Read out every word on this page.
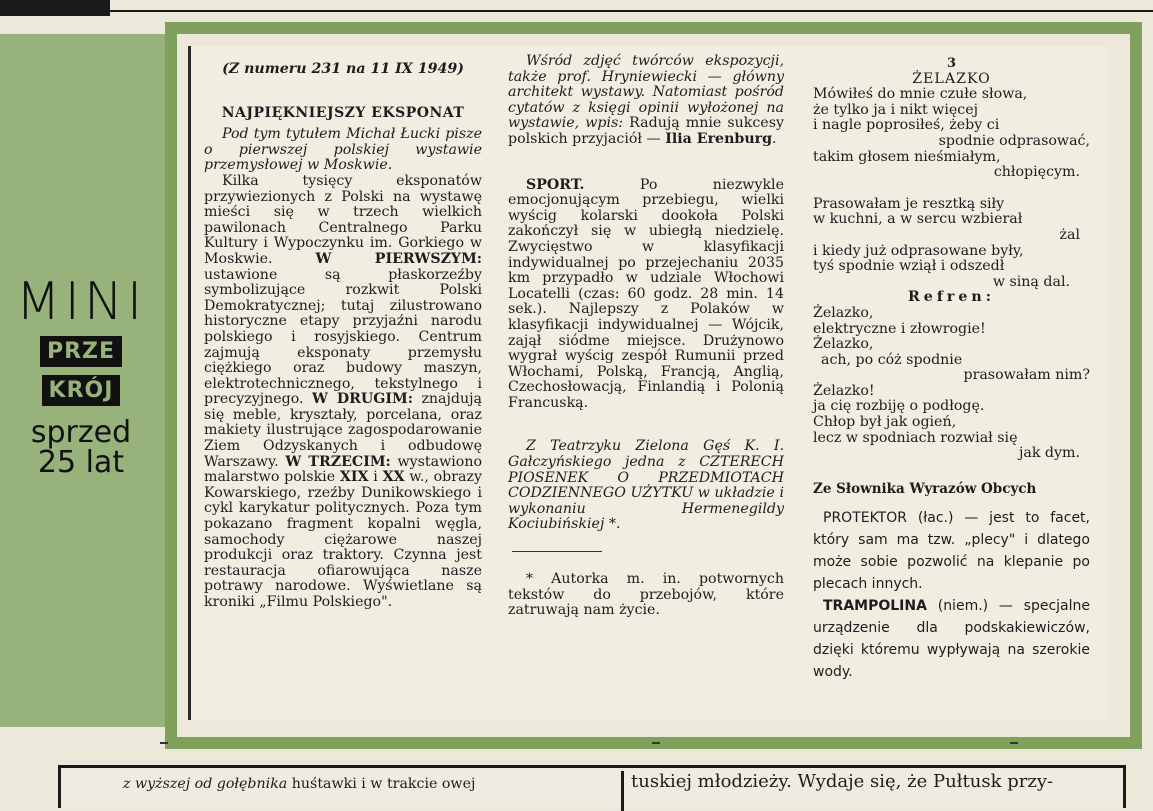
MINI
PRZE
KRÓJ
sprzed
25 lat

(Z numeru 231 na 11 IX 1949)

NAJPIĘKNIEJSZY EKSPONAT

Pod tym tytułem Michał Łucki pisze o pierwszej polskiej wystawie przemysłowej w Moskwie.

Kilka tysięcy eksponatów przywiezionych z Polski na wystawę mieści się w trzech wielkich pawilonach Centralnego Parku Kultury i Wypoczynku im. Gorkiego w Moskwie.	W PIERWSZYM: ustawione są płaskorzeźby symbolizujące rozkwit Polski Demokratycznej; tutaj zilustrowano historyczne etapy przyjaźni narodu polskiego i rosyjskiego. Centrum zajmują eksponaty przemysłu ciężkiego oraz budowy maszyn, elektrotechnicznego, tekstylnego i precyzyjnego. W DRUGIM: znajdują się meble, kryształy, porcelana, oraz makiety ilustrujące zagospodarowanie Ziem Odzyskanych i odbudowę Warszawy. W TRZECIM: wystawiono malarstwo polskie XIX i XX w., obrazy Kowarskiego, rzeźby Dunikowskiego i cykl karykatur politycznych. Poza tym pokazano fragment kopalni węgla, samochody ciężarowe naszej produkcji oraz traktory. Czynna jest restauracja ofiarowująca nasze potrawy narodowe. Wyświetlane są kroniki „Filmu Polskiego".

Wśród zdjęć twórców ekspozycji, także prof. Hryniewiecki — główny architekt wystawy. Natomiast pośród cytatów z księgi opinii wyłożonej na wystawie, wpis: Radują mnie sukcesy polskich przyjaciół — Ilia Erenburg.

SPORT. Po niezwykle emocjonującym przebiegu, wielki wyścig kolarski dookoła Polski zakończył się w ubiegłą niedzielę. Zwycięstwo w klasyfikacji indywidualnej po przejechaniu 2035 km przypadło w udziale Włochowi Locatelli (czas: 60 godz. 28 min. 14 sek.). Najlepszy z Polaków w klasyfikacji indywidualnej — Wójcik, zajął siódme miejsce. Drużynowo wygrał wyścig zespół Rumunii przed Włochami, Polską, Francją, Anglią, Czechosłowacją, Finlandią i Polonią Francuską.

Z Teatrzyku Zielona Gęś K. I. Gałczyńskiego jedna z CZTERECH PIOSENEK O PRZEDMIOTACH CODZIENNEGO UŻYTKU w układzie i wykonaniu Hermenegildy Kociubińskiej *.

* Autorka m. in. potwornych tekstów do przebojów, które zatruwają nam życie.

3

ŻELAZKO

Mówiłeś do mnie czułe słowa,

że tylko ja i nikt więcej

i nagle poprosiłeś, żeby ci

spodnie odprasować,

takim głosem nieśmiałym,

chłopięcym.

Prasowałam je resztką siły

w kuchni, a w sercu wzbierał

żal

i kiedy już odprasowane były,

tyś spodnie wziął i odszedł

w siną dal.

Refren:

Żelazko,

elektryczne i złowrogie!

Żelazko,

ach, po cóż spodnie

prasowałam nim?

Żelazko!

ja cię rozbiję o podłogę.

Chłop był jak ogień,

lecz w spodniach rozwiał się

jak dym.

Ze Słownika Wyrazów Obcych

PROTEKTOR (łac.) — jest to facet, który sam ma tzw. „plecy" i dlatego może sobie pozwolić na klepanie po plecach innych.

TRAMPOLINA (niem.) — specjalne urządzenie dla podskakiewiczów, dzięki któremu wypływają na szerokie wody.

z wyższej od gołębnika huśtawki i w trakcie owej	tuskiej młodzieży. Wydaje się, że Pułtusk przy-
